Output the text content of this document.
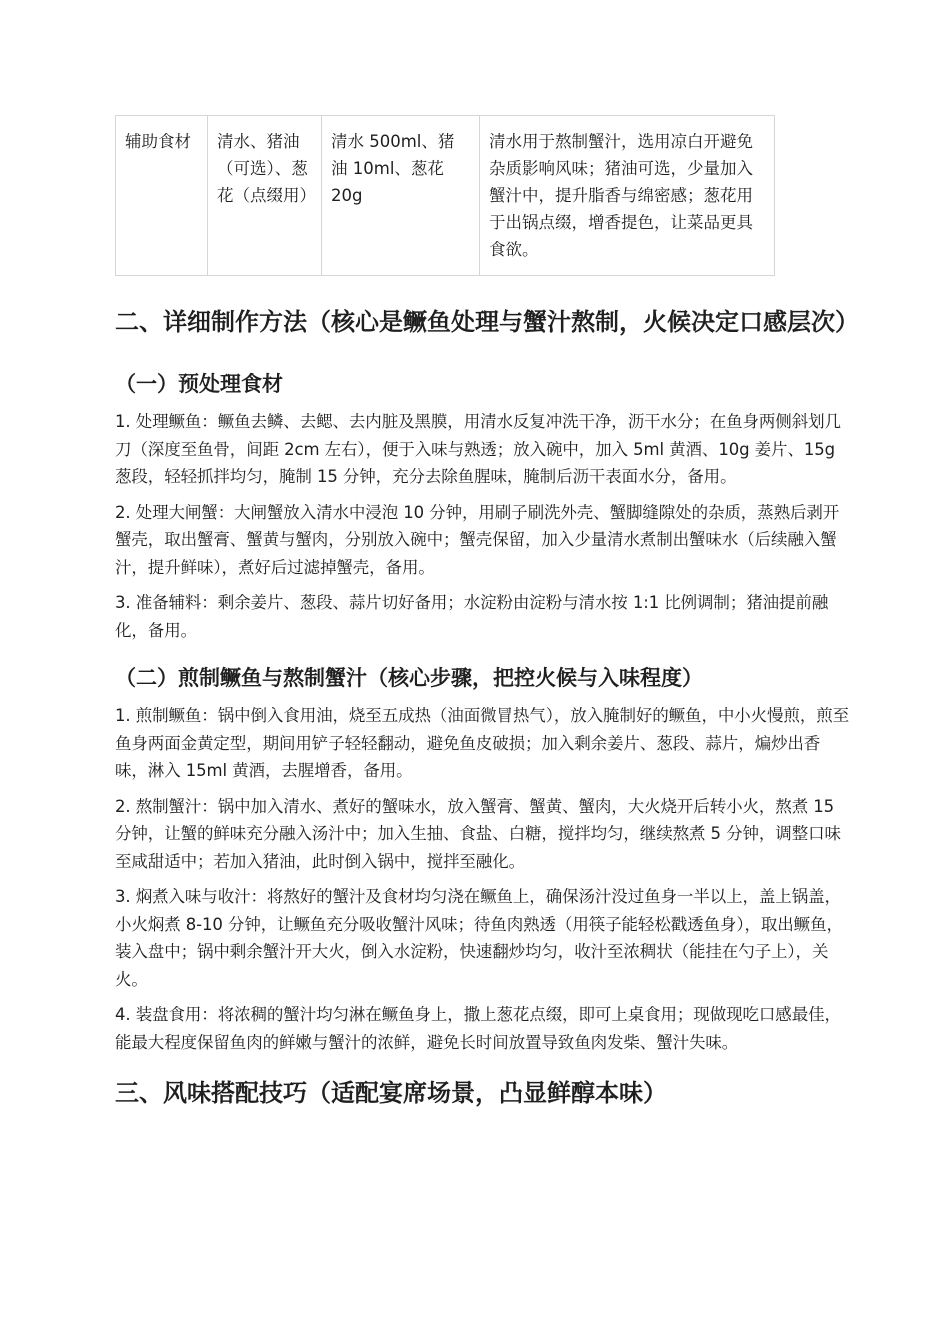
辅助食材	清水、猪油（可选）、葱花（点缀用）	清水 500ml、猪油 10ml、葱花 20g	清水用于熬制蟹汁，选用凉白开避免杂质影响风味；猪油可选，少量加入蟹汁中，提升脂香与绵密感；葱花用于出锅点缀，增香提色，让菜品更具食欲。
二、详细制作方法（核心是鳜鱼处理与蟹汁熬制，火候决定口感层次）
（一）预处理食材

1. 处理鳜鱼：鳜鱼去鳞、去鳃、去内脏及黑膜，用清水反复冲洗干净，沥干水分；在鱼身两侧斜划几刀（深度至鱼骨，间距 2cm 左右），便于入味与熟透；放入碗中，加入 5ml 黄酒、10g 姜片、15g 葱段，轻轻抓拌均匀，腌制 15 分钟，充分去除鱼腥味，腌制后沥干表面水分，备用。

2. 处理大闸蟹：大闸蟹放入清水中浸泡 10 分钟，用刷子刷洗外壳、蟹脚缝隙处的杂质，蒸熟后剥开蟹壳，取出蟹膏、蟹黄与蟹肉，分别放入碗中；蟹壳保留，加入少量清水煮制出蟹味水（后续融入蟹汁，提升鲜味），煮好后过滤掉蟹壳，备用。

3. 准备辅料：剩余姜片、葱段、蒜片切好备用；水淀粉由淀粉与清水按 1:1 比例调制；猪油提前融化，备用。

（二）煎制鳜鱼与熬制蟹汁（核心步骤，把控火候与入味程度）

1. 煎制鳜鱼：锅中倒入食用油，烧至五成热（油面微冒热气），放入腌制好的鳜鱼，中小火慢煎，煎至鱼身两面金黄定型，期间用铲子轻轻翻动，避免鱼皮破损；加入剩余姜片、葱段、蒜片，煸炒出香味，淋入 15ml 黄酒，去腥增香，备用。

2. 熬制蟹汁：锅中加入清水、煮好的蟹味水，放入蟹膏、蟹黄、蟹肉，大火烧开后转小火，熬煮 15 分钟，让蟹的鲜味充分融入汤汁中；加入生抽、食盐、白糖，搅拌均匀，继续熬煮 5 分钟，调整口味至咸甜适中；若加入猪油，此时倒入锅中，搅拌至融化。

3. 焖煮入味与收汁：将熬好的蟹汁及食材均匀浇在鳜鱼上，确保汤汁没过鱼身一半以上，盖上锅盖，小火焖煮 8-10 分钟，让鳜鱼充分吸收蟹汁风味；待鱼肉熟透（用筷子能轻松戳透鱼身），取出鳜鱼，装入盘中；锅中剩余蟹汁开大火，倒入水淀粉，快速翻炒均匀，收汁至浓稠状（能挂在勺子上），关火。

4. 装盘食用：将浓稠的蟹汁均匀淋在鳜鱼身上，撒上葱花点缀，即可上桌食用；现做现吃口感最佳，能最大程度保留鱼肉的鲜嫩与蟹汁的浓鲜，避免长时间放置导致鱼肉发柴、蟹汁失味。

三、风味搭配技巧（适配宴席场景，凸显鲜醇本味）
